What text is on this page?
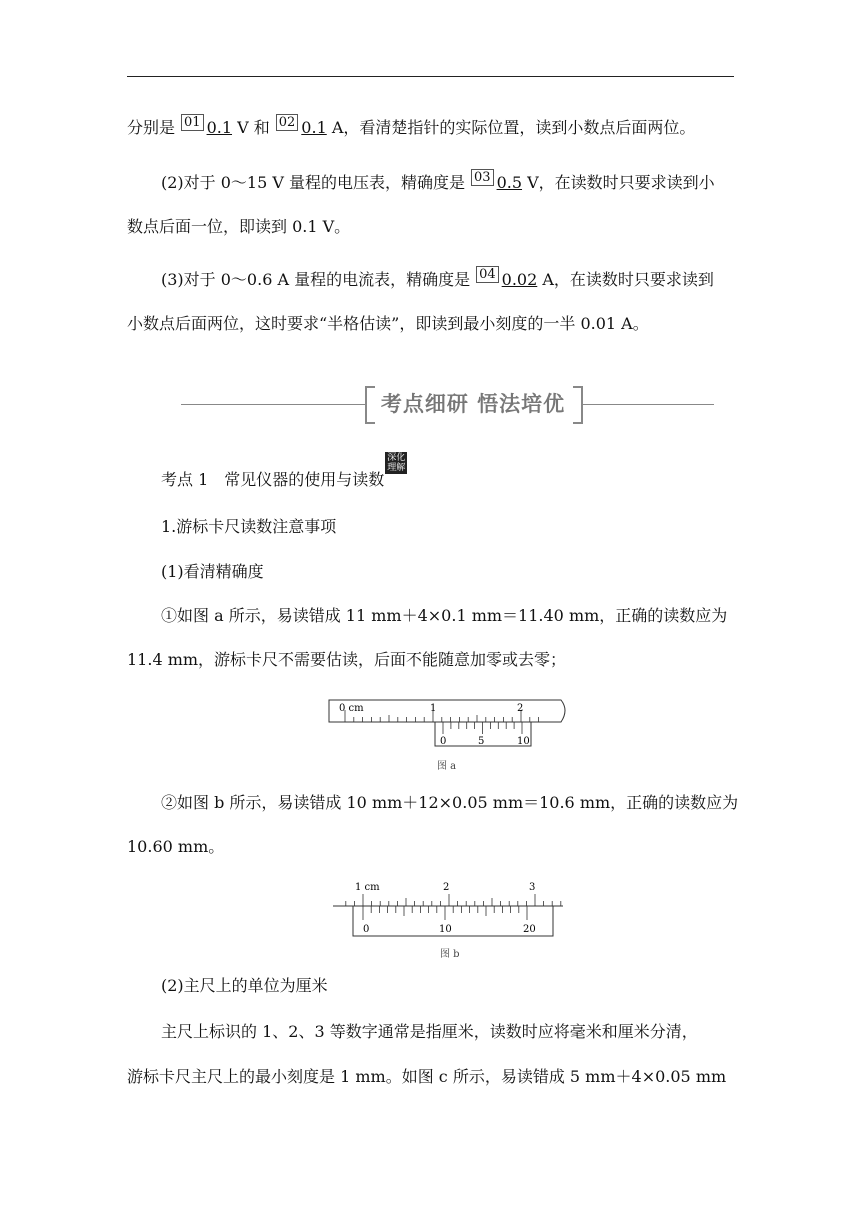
分别是 01 0.1 V 和 02 0.1 A，看清楚指针的实际位置，读到小数点后面两位。
(2)对于 0～15 V 量程的电压表，精确度是 03 0.5 V，在读数时只要求读到小
数点后面一位，即读到 0.1 V。
(3)对于 0～0.6 A 量程的电流表，精确度是 04 0.02 A，在读数时只要求读到
小数点后面两位，这时要求“半格估读”，即读到最小刻度的一半 0.01 A。
考点细研 悟法培优
考点 1　常见仪器的使用与读数
深化
理解
1.游标卡尺读数注意事项
(1)看清精确度
①如图 a 所示，易读错成 11 mm＋4×0.1 mm＝11.40 mm，正确的读数应为
11.4 mm，游标卡尺不需要估读，后面不能随意加零或去零；
0 cm	1	2
0	5	10
图 a
②如图 b 所示，易读错成 10 mm＋12×0.05 mm＝10.6 mm，正确的读数应为
10.60 mm。
1 cm	2	3
0	10	20
图 b
(2)主尺上的单位为厘米
主尺上标识的 1、2、3 等数字通常是指厘米，读数时应将毫米和厘米分清，
游标卡尺主尺上的最小刻度是 1 mm。如图 c 所示，易读错成 5 mm＋4×0.05 mm
